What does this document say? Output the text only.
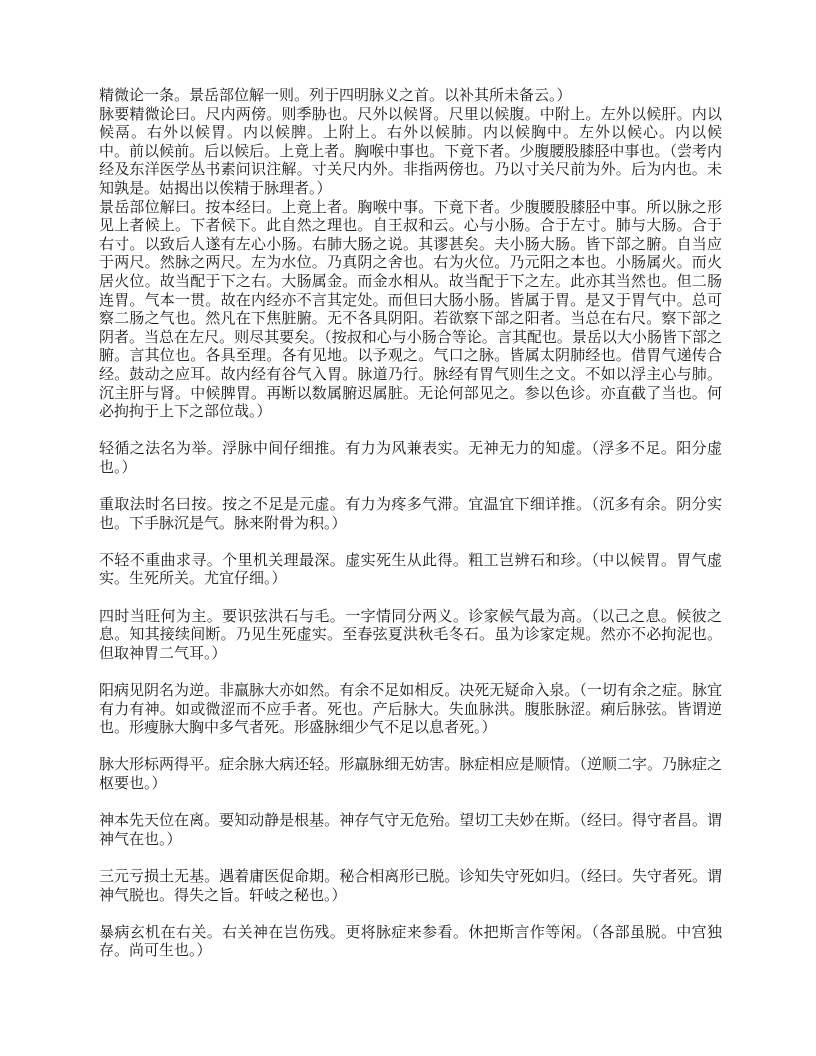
精微论一条。景岳部位解一则。列于四明脉义之首。以补其所未备云。）

脉要精微论曰。尺内两傍。则季胁也。尺外以候肾。尺里以候腹。中附上。左外以候肝。内以候鬲。右外以候胃。内以候脾。上附上。右外以候肺。内以候胸中。左外以候心。内以候　中。前以候前。后以候后。上竟上者。胸喉中事也。下竟下者。少腹腰股膝胫中事也。（尝考内经及东洋医学丛书素问识注解。寸关尺内外。非指两傍也。乃以寸关尺前为外。后为内也。未知孰是。姑揭出以俟精于脉理者。）

景岳部位解曰。按本经曰。上竟上者。胸喉中事。下竟下者。少腹腰股膝胫中事。所以脉之形见上者候上。下者候下。此自然之理也。自王叔和云。心与小肠。合于左寸。肺与大肠。合于右寸。以致后人遂有左心小肠。右肺大肠之说。其谬甚矣。夫小肠大肠。皆下部之腑。自当应于两尺。然脉之两尺。左为水位。乃真阴之舍也。右为火位。乃元阳之本也。小肠属火。而火居火位。故当配于下之右。大肠属金。而金水相从。故当配于下之左。此亦其当然也。但二肠连胃。气本一贯。故在内经亦不言其定处。而但曰大肠小肠。皆属于胃。是又于胃气中。总可察二肠之气也。然凡在下焦脏腑。无不各具阴阳。若欲察下部之阳者。当总在右尺。察下部之阴者。当总在左尺。则尽其要矣。（按叔和心与小肠合等论。言其配也。景岳以大小肠皆下部之腑。言其位也。各具至理。各有见地。以予观之。气口之脉。皆属太阴肺经也。借胃气递传合经。鼓动之应耳。故内经有谷气入胃。脉道乃行。脉经有胃气则生之文。不如以浮主心与肺。沉主肝与肾。中候脾胃。再断以数属腑迟属脏。无论何部见之。参以色诊。亦直截了当也。何必拘拘于上下之部位哉。）

轻循之法名为举。浮脉中间仔细推。有力为风兼表实。无神无力的知虚。（浮多不足。阳分虚也。）

重取法时名曰按。按之不足是元虚。有力为疼多气滞。宜温宜下细详推。（沉多有余。阴分实也。下手脉沉是气。脉来附骨为积。）

不轻不重曲求寻。个里机关理最深。虚实死生从此得。粗工岂辨石和珍。（中以候胃。胃气虚实。生死所关。尤宜仔细。）

四时当旺何为主。要识弦洪石与毛。一字情同分两义。诊家候气最为高。（以己之息。候彼之息。知其接续间断。乃见生死虚实。至春弦夏洪秋毛冬石。虽为诊家定规。然亦不必拘泥也。但取神胃二气耳。）

阳病见阴名为逆。非羸脉大亦如然。有余不足如相反。决死无疑命入泉。（一切有余之症。脉宜有力有神。如或微涩而不应手者。死也。产后脉大。失血脉洪。腹胀脉涩。痢后脉弦。皆谓逆也。形瘦脉大胸中多气者死。形盛脉细少气不足以息者死。）

脉大形标两得平。症余脉大病还轻。形羸脉细无妨害。脉症相应是顺情。（逆顺二字。乃脉症之枢要也。）

神本先天位在离。要知动静是根基。神存气守无危殆。望切工夫妙在斯。（经曰。得守者昌。谓神气在也。）

三元亏损土无基。遇着庸医促命期。秘合相离形已脱。诊知失守死如归。（经曰。失守者死。谓神气脱也。得失之旨。轩岐之秘也。）

暴病玄机在右关。右关神在岂伤残。更将脉症来参看。休把斯言作等闲。（各部虽脱。中宫独存。尚可生也。）
